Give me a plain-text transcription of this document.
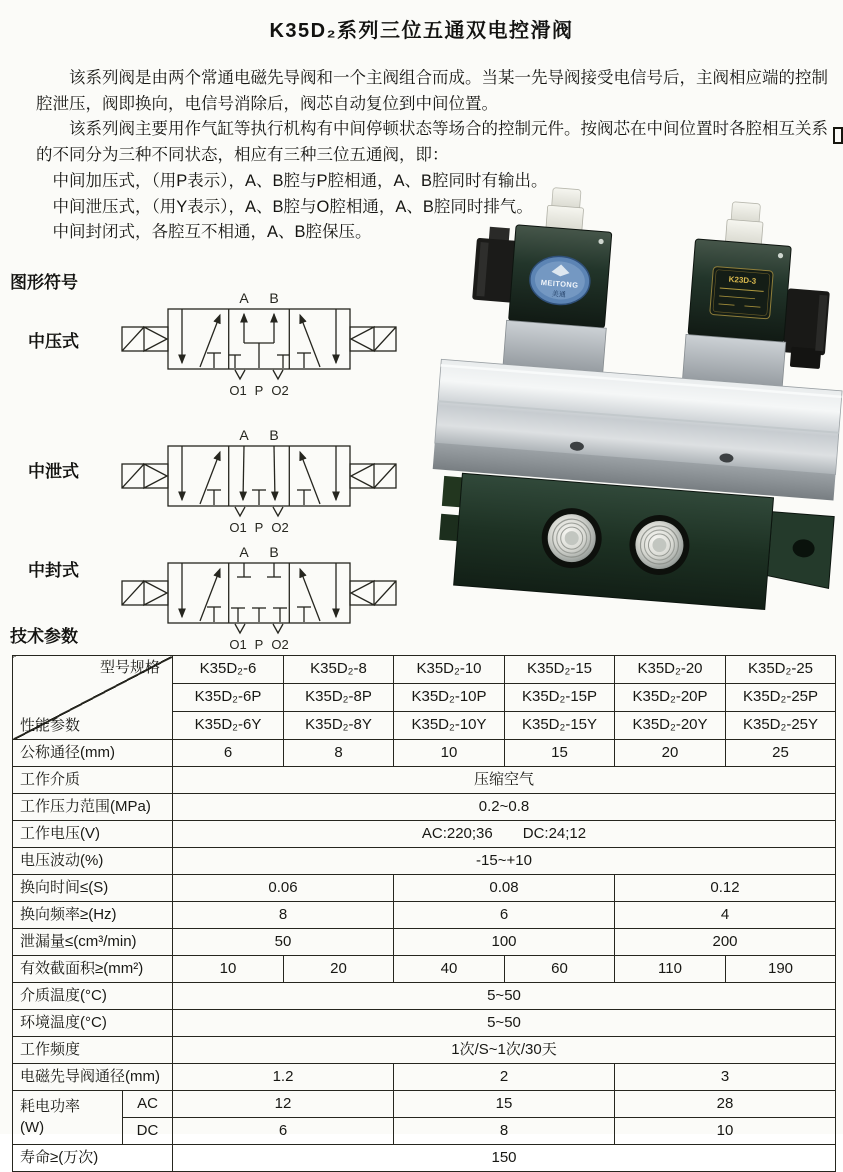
K35D₂系列三位五通双电控滑阀

该系列阀是由两个常通电磁先导阀和一个主阀组合而成。当某一先导阀接受电信号后，主阀相应端的控制腔泄压，阀即换向，电信号消除后，阀芯自动复位到中间位置。

该系列阀主要用作气缸等执行机构有中间停顿状态等场合的控制元件。按阀芯在中间位置时各腔相互关系的不同分为三种不同状态，相应有三种三位五通阀，即：

中间加压式，（用P表示），A、B腔与P腔相通，A、B腔同时有输出。

中间泄压式，（用Y表示），A、B腔与O腔相通，A、B腔同时排气。

中间封闭式，各腔互不相通，A、B腔保压。

图形符号
中压式
中泄式
中封式
A B
O1 P O2
A B
O1 P O2
A B
O1 P O2
MEITONG
美通
K23D-3
技术参数
型号规格
性能参数		K35D₂-6	K35D₂-8	K35D₂-10	K35D₂-15	K35D₂-20	K35D₂-25
		K35D₂-6P	K35D₂-8P	K35D₂-10P	K35D₂-15P	K35D₂-20P	K35D₂-25P
		K35D₂-6Y	K35D₂-8Y	K35D₂-10Y	K35D₂-15Y	K35D₂-20Y	K35D₂-25Y
公称通径(mm)		6	8	10	15	20	25
工作介质		压缩空气					
工作压力范围(MPa)		0.2~0.8					
工作电压(V)		AC:220;36　　DC:24;12					
电压波动(%)		-15~+10					
换向时间≤(S)		0.06		0.08		0.12	
换向频率≥(Hz)		8		6		4	
泄漏量≤(cm³/min)		50		100		200	
有效截面积≥(mm²)		10	20	40	60	110	190
介质温度(°C)		5~50					
环境温度(°C)		5~50					
工作频度		1次/S~1次/30天					
电磁先导阀通径(mm)		1.2		2		3	

耗电功率
(W)	AC	12		15		28	
	DC	6		8		10	
寿命≥(万次)		150					
